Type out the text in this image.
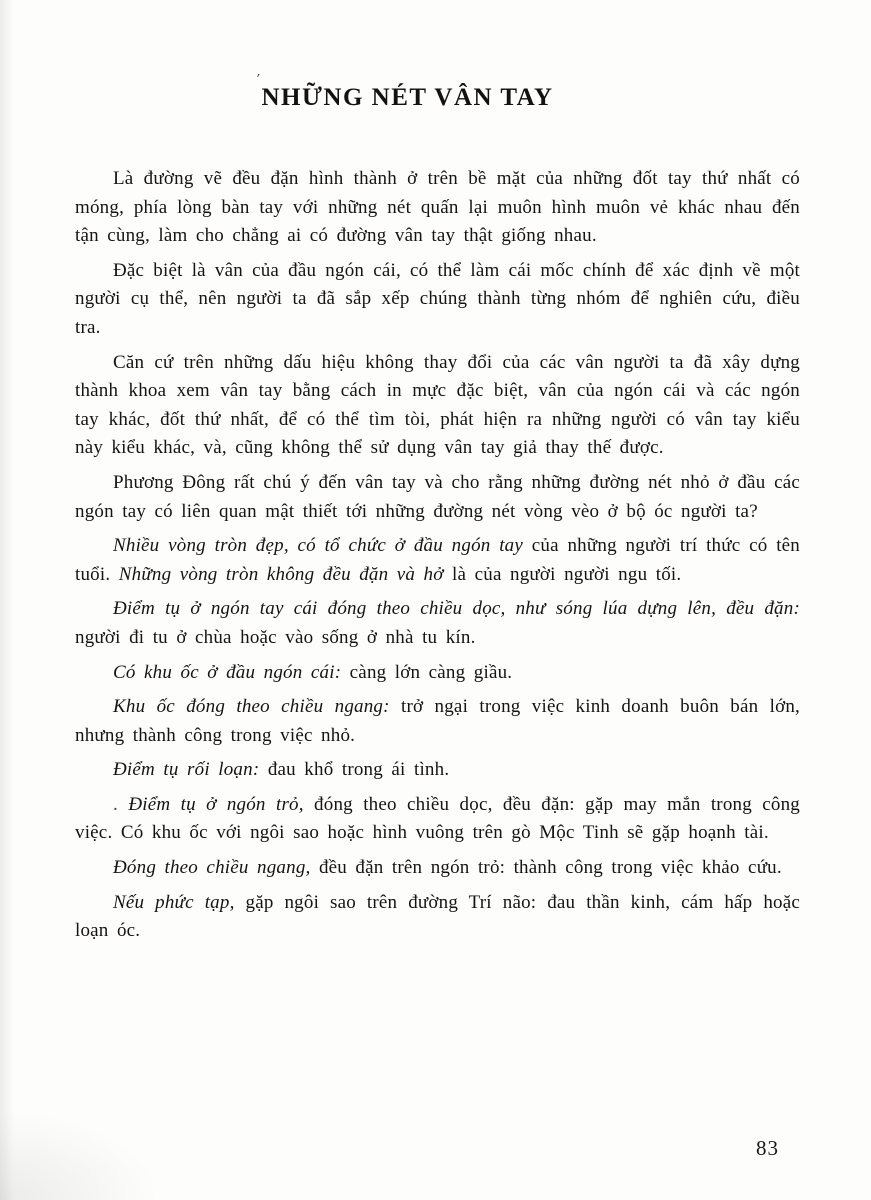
ʹ
NHỮNG NÉT VÂN TAY

Là đường vẽ đều đặn hình thành ở trên bề mặt của những đốt tay thứ nhất có móng, phía lòng bàn tay với những nét quấn lại muôn hình muôn vẻ khác nhau đến tận cùng, làm cho chẳng ai có đường vân tay thật giống nhau.

Đặc biệt là vân của đầu ngón cái, có thể làm cái mốc chính để xác định về một người cụ thể, nên người ta đã sắp xếp chúng thành từng nhóm để nghiên cứu, điều tra.

Căn cứ trên những dấu hiệu không thay đổi của các vân người ta đã xây dựng thành khoa xem vân tay bằng cách in mực đặc biệt, vân của ngón cái và các ngón tay khác, đốt thứ nhất, để có thể tìm tòi, phát hiện ra những người có vân tay kiểu này kiểu khác, và, cũng không thể sử dụng vân tay giả thay thế được.

Phương Đông rất chú ý đến vân tay và cho rằng những đường nét nhỏ ở đầu các ngón tay có liên quan mật thiết tới những đường nét vòng vèo ở bộ óc người ta?

Nhiều vòng tròn đẹp, có tổ chức ở đầu ngón tay của những người trí thức có tên tuổi. Những vòng tròn không đều đặn và hở là của người người ngu tối.

Điểm tụ ở ngón tay cái đóng theo chiều dọc, như sóng lúa dựng lên, đều đặn: người đi tu ở chùa hoặc vào sống ở nhà tu kín.

Có khu ốc ở đầu ngón cái: càng lớn càng giầu.

Khu ốc đóng theo chiều ngang: trở ngại trong việc kinh doanh buôn bán lớn, nhưng thành công trong việc nhỏ.

Điểm tụ rối loạn: đau khổ trong ái tình.

. Điểm tụ ở ngón trỏ, đóng theo chiều dọc, đều đặn: gặp may mắn trong công việc. Có khu ốc với ngôi sao hoặc hình vuông trên gò Mộc Tinh sẽ gặp hoạnh tài.

Đóng theo chiều ngang, đều đặn trên ngón trỏ: thành công trong việc khảo cứu.

Nếu phức tạp, gặp ngôi sao trên đường Trí não: đau thần kinh, cám hấp hoặc loạn óc.

83
